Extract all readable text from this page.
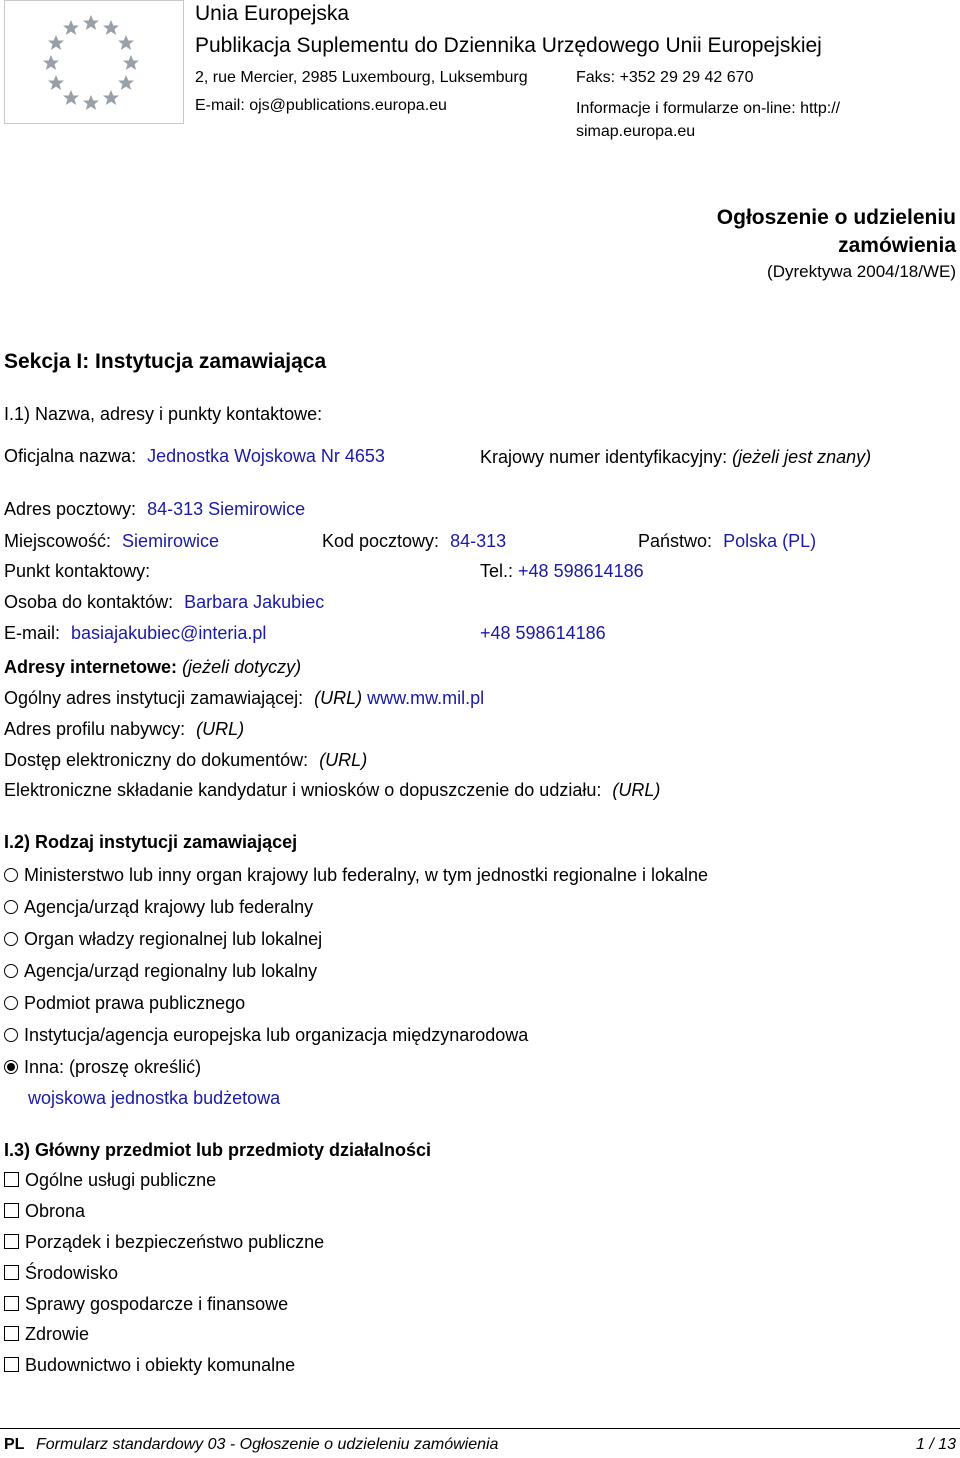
Unia Europejska
Publikacja Suplementu do Dziennika Urzędowego Unii Europejskiej
2, rue Mercier, 2985 Luxembourg, Luksemburg
E-mail: ojs@publications.europa.eu
Faks: +352 29 29 42 670
Informacje i formularze on-line: http:// simap.europa.eu
Ogłoszenie o udzieleniu zamówienia
(Dyrektywa 2004/18/WE)
Sekcja I: Instytucja zamawiająca
I.1) Nazwa, adresy i punkty kontaktowe:
Oficjalna nazwa: Jednostka Wojskowa Nr 4653	Krajowy numer identyfikacyjny: (jeżeli jest znany)
Adres pocztowy: 84-313 Siemirowice
Miejscowość: Siemirowice	Kod pocztowy: 84-313	Państwo: Polska (PL)
Punkt kontaktowy:	Tel.: +48 598614186
Osoba do kontaktów: Barbara Jakubiec
E-mail: basiajakubiec@interia.pl	+48 598614186
Adresy internetowe: (jeżeli dotyczy)
Ogólny adres instytucji zamawiającej: (URL) www.mw.mil.pl
Adres profilu nabywcy: (URL)
Dostęp elektroniczny do dokumentów: (URL)
Elektroniczne składanie kandydatur i wniosków o dopuszczenie do udziału: (URL)
I.2) Rodzaj instytucji zamawiającej
Ministerstwo lub inny organ krajowy lub federalny, w tym jednostki regionalne i lokalne
Agencja/urząd krajowy lub federalny
Organ władzy regionalnej lub lokalnej
Agencja/urząd regionalny lub lokalny
Podmiot prawa publicznego
Instytucja/agencja europejska lub organizacja międzynarodowa
Inna: (proszę określić)
wojskowa jednostka budżetowa
I.3) Główny przedmiot lub przedmioty działalności
Ogólne usługi publiczne
Obrona
Porządek i bezpieczeństwo publiczne
Środowisko
Sprawy gospodarcze i finansowe
Zdrowie
Budownictwo i obiekty komunalne
PL Formularz standardowy 03 - Ogłoszenie o udzieleniu zamówienia	1 / 13
